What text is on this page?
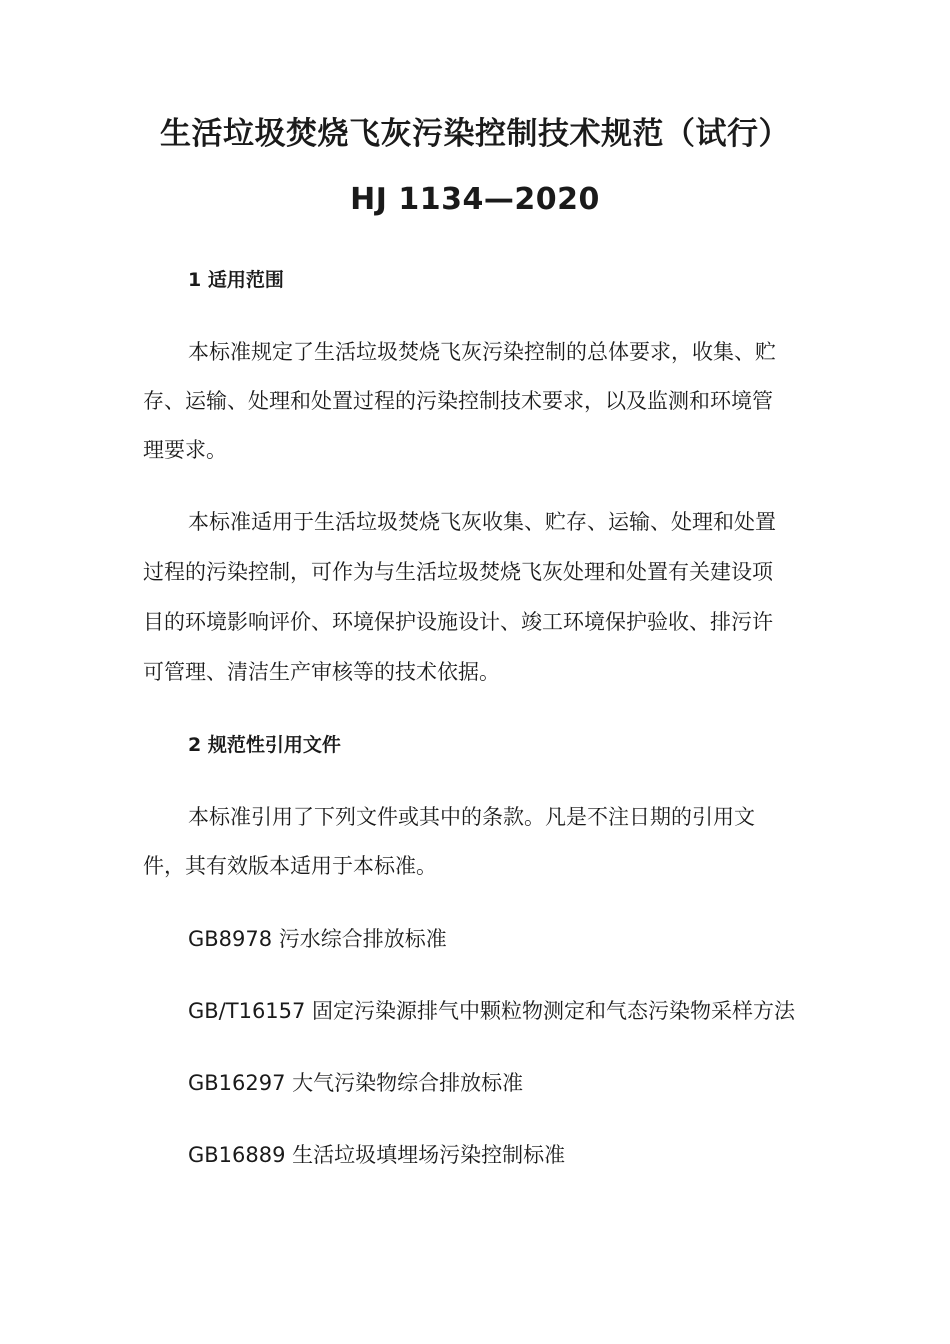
生活垃圾焚烧飞灰污染控制技术规范（试行）
HJ 1134—2020
1 适用范围
本标准规定了生活垃圾焚烧飞灰污染控制的总体要求，收集、贮
存、运输、处理和处置过程的污染控制技术要求，以及监测和环境管
理要求。
本标准适用于生活垃圾焚烧飞灰收集、贮存、运输、处理和处置
过程的污染控制，可作为与生活垃圾焚烧飞灰处理和处置有关建设项
目的环境影响评价、环境保护设施设计、竣工环境保护验收、排污许
可管理、清洁生产审核等的技术依据。
2 规范性引用文件
本标准引用了下列文件或其中的条款。凡是不注日期的引用文
件，其有效版本适用于本标准。
GB8978 污水综合排放标准
GB/T16157 固定污染源排气中颗粒物测定和气态污染物采样方法
GB16297 大气污染物综合排放标准
GB16889 生活垃圾填埋场污染控制标准
